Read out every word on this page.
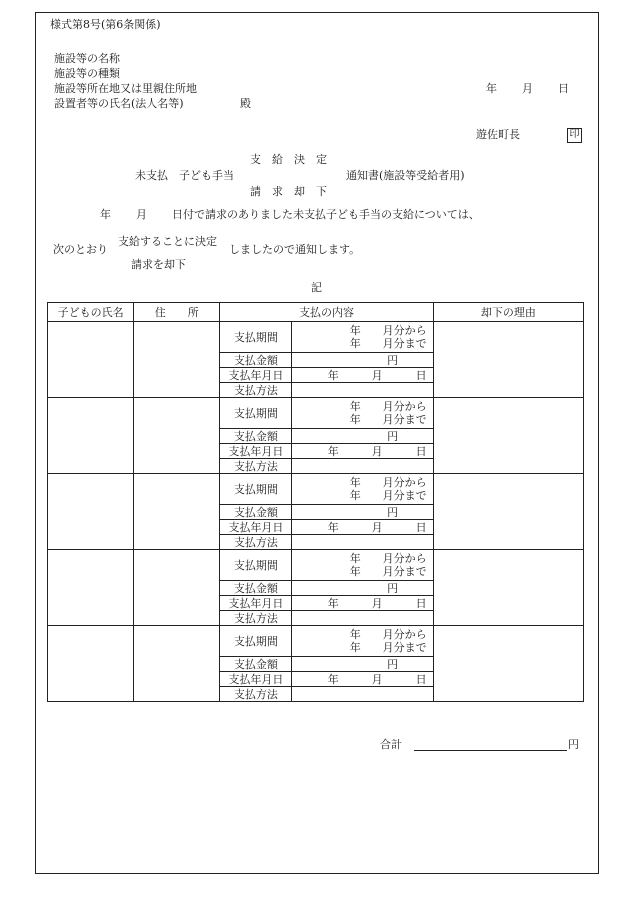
様式第8号(第6条関係)
施設等の名称
施設等の種類
施設等所在地又は里親住所地
設置者等の氏名(法人名等)	殿
年 月 日
遊佐町長	印
支　給　決　定
未支払　子ども手当	通知書(施設等受給者用)
請　求　却　下
年 月 日付で請求のありました未支払子ども手当の支給については、
次のとおり
支給することに決定
しましたので通知します。
請求を却下
記
子どもの氏名	住　　所	支払の内容		却下の理由
		支払期間	年　　月分から
年　　月分まで	

		支払金額	円	
		支払年月日	年　　　月　　　日	
		支払方法		
		支払期間	年　　月分から
年　　月分まで	

		支払金額	円	
		支払年月日	年　　　月　　　日	
		支払方法		
		支払期間	年　　月分から
年　　月分まで	

		支払金額	円	
		支払年月日	年　　　月　　　日	
		支払方法		
		支払期間	年　　月分から
年　　月分まで	

		支払金額	円	
		支払年月日	年　　　月　　　日	
		支払方法		
		支払期間	年　　月分から
年　　月分まで	

		支払金額	円	
		支払年月日	年　　　月　　　日	
		支払方法		
合計	円
